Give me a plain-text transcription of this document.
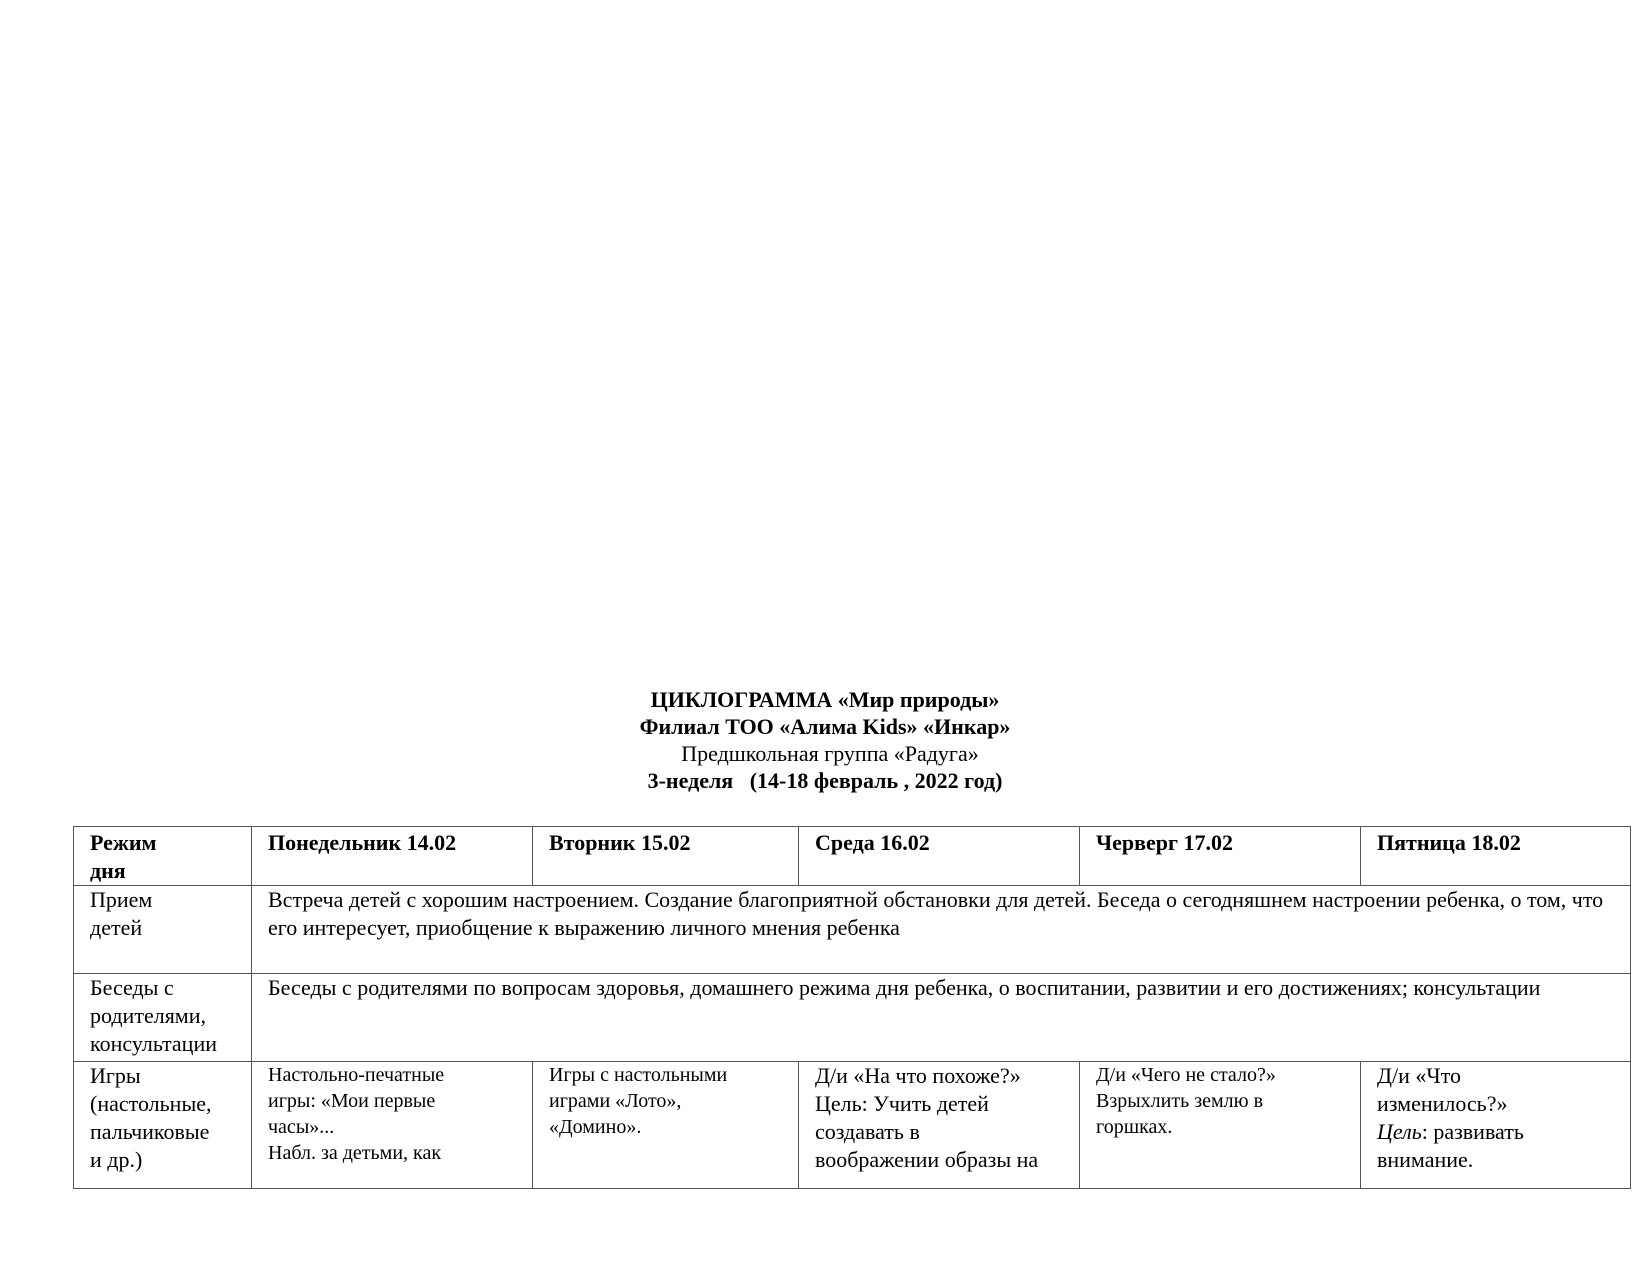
ЦИКЛОГРАММА «Мир природы»
Филиал ТОО «Алима Kids» «Инкар»
Предшкольная группа «Радуга»
3-неделя   (14-18 февраль , 2022 год)
Режим
дня	Понедельник 14.02	Вторник 15.02	Среда 16.02	Черверг 17.02	Пятница 18.02

Прием
детей	Встреча детей с хорошим настроением. Создание благоприятной обстановки для детей. Беседа о сегодняшнем настроении ребенка, о том, что его интересует, приобщение к выражению личного мнения ребенка				

Беседы с
родителями,
консультации	Беседы с родителями по вопросам здоровья, домашнего режима дня ребенка, о воспитании, развитии и его достижениях; консультации				

Игры
(настольные,
пальчиковые
и др.)	Настольно-печатные
игры: «Мои первые
часы»...
Набл. за детьми, как	Игры с настольными
играми «Лото»,
«Домино».	Д/и «На что похоже?»
Цель: Учить детей
создавать в
воображении образы на	Д/и «Чего не стало?»
Взрыхлить землю в
горшках.	Д/и «Что
изменилось?»
Цель: развивать
внимание.
